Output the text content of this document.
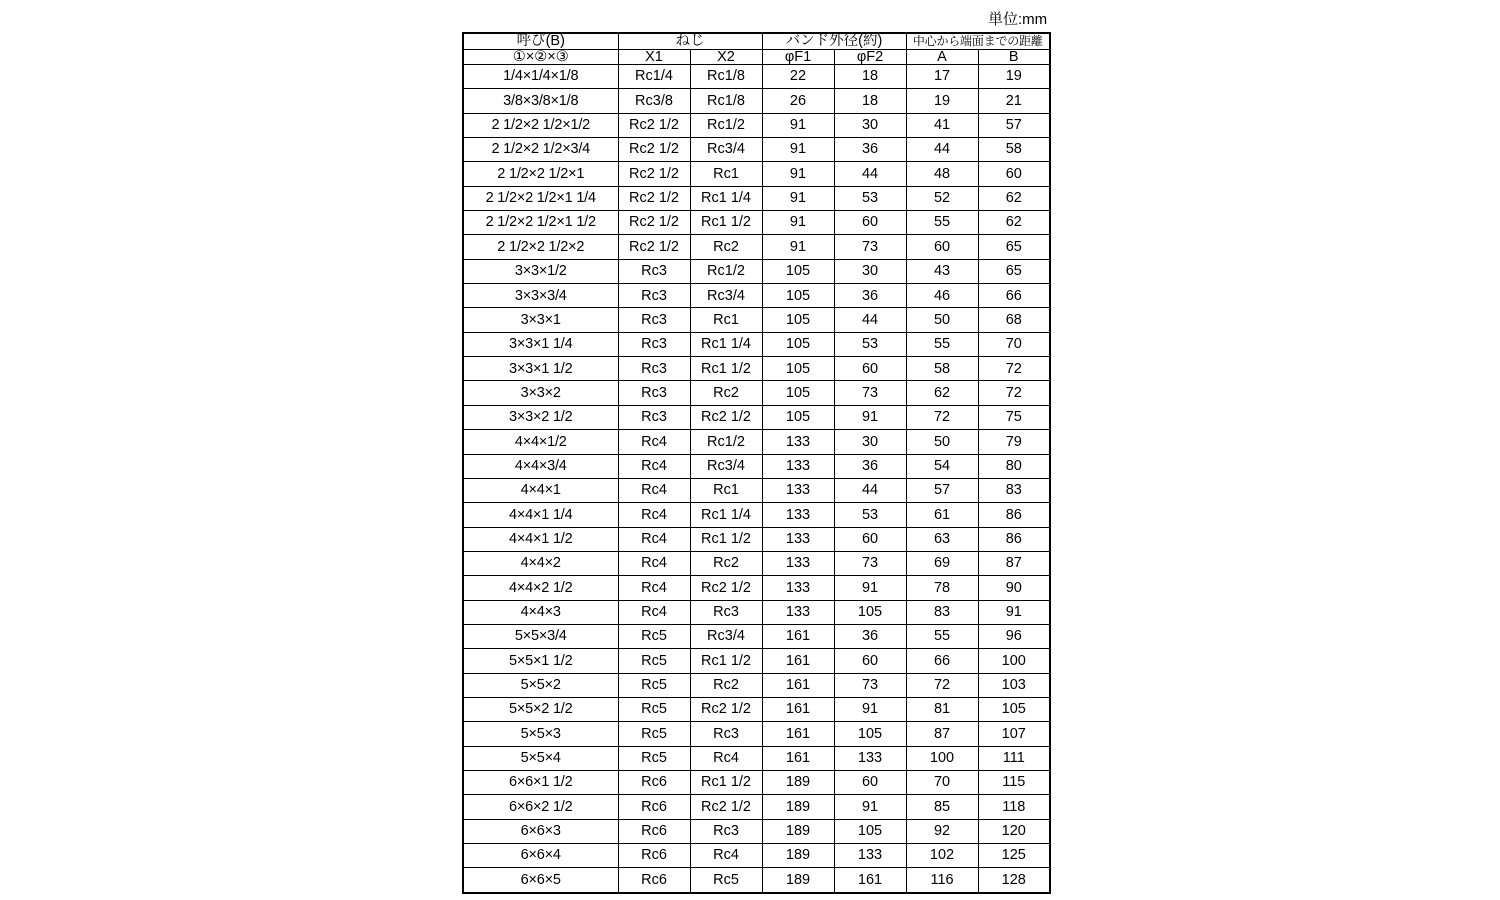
単位:mm
呼び(B)	ねじ		バンド外径(約)		中心から端面までの距離	
①×②×③	X1	X2	φF1	φF2	A	B
1/4×1/4×1/8	Rc1/4	Rc1/8	22	18	17	19
3/8×3/8×1/8	Rc3/8	Rc1/8	26	18	19	21
2 1/2×2 1/2×1/2	Rc2 1/2	Rc1/2	91	30	41	57
2 1/2×2 1/2×3/4	Rc2 1/2	Rc3/4	91	36	44	58
2 1/2×2 1/2×1	Rc2 1/2	Rc1	91	44	48	60
2 1/2×2 1/2×1 1/4	Rc2 1/2	Rc1 1/4	91	53	52	62
2 1/2×2 1/2×1 1/2	Rc2 1/2	Rc1 1/2	91	60	55	62
2 1/2×2 1/2×2	Rc2 1/2	Rc2	91	73	60	65
3×3×1/2	Rc3	Rc1/2	105	30	43	65
3×3×3/4	Rc3	Rc3/4	105	36	46	66
3×3×1	Rc3	Rc1	105	44	50	68
3×3×1 1/4	Rc3	Rc1 1/4	105	53	55	70
3×3×1 1/2	Rc3	Rc1 1/2	105	60	58	72
3×3×2	Rc3	Rc2	105	73	62	72
3×3×2 1/2	Rc3	Rc2 1/2	105	91	72	75
4×4×1/2	Rc4	Rc1/2	133	30	50	79
4×4×3/4	Rc4	Rc3/4	133	36	54	80
4×4×1	Rc4	Rc1	133	44	57	83
4×4×1 1/4	Rc4	Rc1 1/4	133	53	61	86
4×4×1 1/2	Rc4	Rc1 1/2	133	60	63	86
4×4×2	Rc4	Rc2	133	73	69	87
4×4×2 1/2	Rc4	Rc2 1/2	133	91	78	90
4×4×3	Rc4	Rc3	133	105	83	91
5×5×3/4	Rc5	Rc3/4	161	36	55	96
5×5×1 1/2	Rc5	Rc1 1/2	161	60	66	100
5×5×2	Rc5	Rc2	161	73	72	103
5×5×2 1/2	Rc5	Rc2 1/2	161	91	81	105
5×5×3	Rc5	Rc3	161	105	87	107
5×5×4	Rc5	Rc4	161	133	100	111
6×6×1 1/2	Rc6	Rc1 1/2	189	60	70	115
6×6×2 1/2	Rc6	Rc2 1/2	189	91	85	118
6×6×3	Rc6	Rc3	189	105	92	120
6×6×4	Rc6	Rc4	189	133	102	125
6×6×5	Rc6	Rc5	189	161	116	128
